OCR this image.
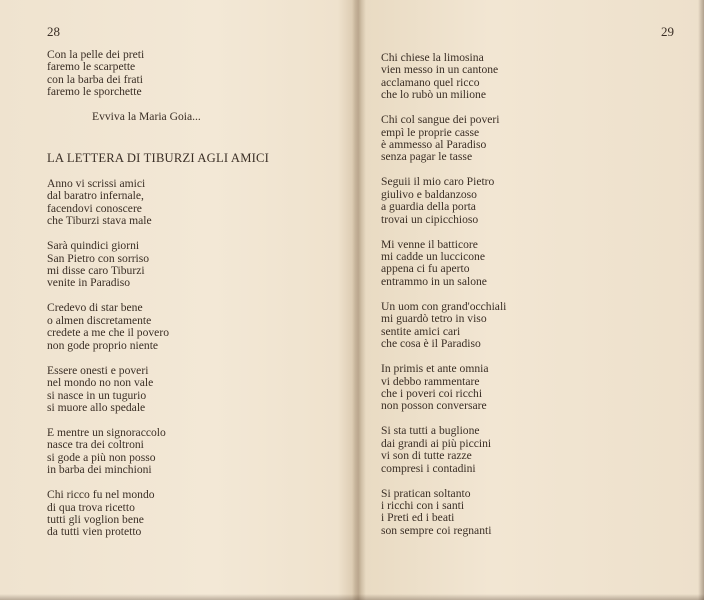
28
Con la pelle dei preti
faremo le scarpette
con la barba dei frati
faremo le sporchette
Evviva la Maria Goia...
LA LETTERA DI TIBURZI AGLI AMICI
Anno vi scrissi amici
dal baratro infernale,
facendovi conoscere
che Tiburzi stava male
Sarà quindici giorni
San Pietro con sorriso
mi disse caro Tiburzi
venite in Paradiso
Credevo di star bene
o almen discretamente
credete a me che il povero
non gode proprio niente
Essere onesti e poveri
nel mondo no non vale
si nasce in un tugurio
si muore allo spedale
E mentre un signoraccolo
nasce tra dei coltroni
si gode a più non posso
in barba dei minchioni
Chi ricco fu nel mondo
di qua trova ricetto
tutti gli voglion bene
da tutti vien protetto
29
Chi chiese la limosina
vien messo in un cantone
acclamano quel ricco
che lo rubò un milione
Chi col sangue dei poveri
empì le proprie casse
è ammesso al Paradiso
senza pagar le tasse
Seguii il mio caro Pietro
giulivo e baldanzoso
a guardia della porta
trovai un cipicchioso
Mi venne il batticore
mi cadde un luccicone
appena ci fu aperto
entrammo in un salone
Un uom con grand'occhiali
mi guardò tetro in viso
sentite amici cari
che cosa è il Paradiso
In primis et ante omnia
vi debbo rammentare
che i poveri coi ricchi
non posson conversare
Si sta tutti a buglione
dai grandi ai più piccini
vi son di tutte razze
compresi i contadini
Si pratican soltanto
i ricchi con i santi
i Preti ed i beati
son sempre coi regnanti
